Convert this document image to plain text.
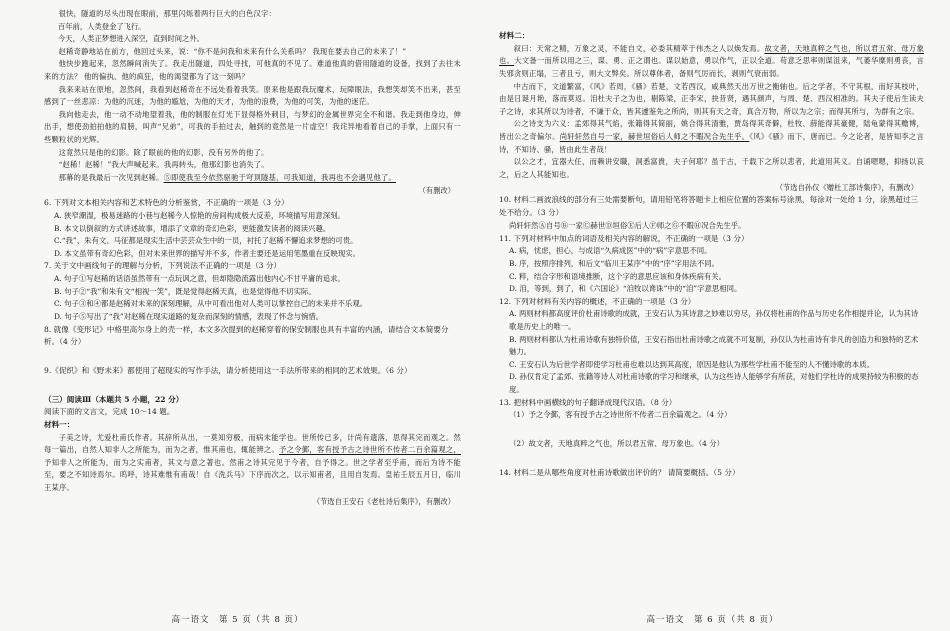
很快，隧道的尽头出现在眼前，那里闪烁着两行巨大的白色汉字：

百年前，人类登金了飞行。

今天，人类正梦想进入深空，直到时间之外。

赵稀奇静地站在前方，他回过头来，说：“你不是问我和未来有什么关系吗？ 我现在要去自己的未来了！”

他快步跑起来，忽然瞬间消失了。我走出隧道，四处寻找，可他真的不见了。难道他真的借用隧道的设备，找到了去往未来的方法？ 他的偏执、他的疯狂，他的渴望都为了这一刻吗？

我来来站在原地，忽然间，我看到赵稀奇在不远处看着我笑。原来他是跟我玩魔术，玩障眼法，我想笑却笑不出来，甚至感到了一丝悲凉：为他的沉迷，为他的尴尬，为他的天才，为他的浪费，为他的可笑，为他的迷茫。

我向他走去，他一动不动地望着我，他的制服在灯光下显得格外刺目，与梦幻的金属世界完全不和谐。我走到他身边，伸出手，想使劲拍拍他的肩膀，叫声“兄弟”，可我的手拍过去，触到的竟然是一片虚空！我诧异地看着自己的手掌，上面只有一些颗粒状的光辉。

这竟然只是他的幻影。除了眼前的他的幻影，没有另外的他了。

“赵稀！赵稀！”我大声喊起来。我再转头，他那幻影也消失了。

那幕的是我最后一次见到赵稀。⑤即使我至今依然驱驰于穹顶隧基，可我知道，我再也不会遇见他了。

（有删改）

6. 下列对文本相关内容和艺术特色的分析鉴赏，不正确的一项是（3 分）

A. 狭窄潮湿，极易迷路的小巷与赵稀今人惊艳的房间构成极大反差，环境描写用意深刻。

B. 本文以倒叙的方式讲述故事，增添了文章的奇幻色彩，更能激发读者的阅读兴趣。

C.“我”、朱有文、马征都是现实生活中芸芸众生中的一员，衬托了赵稀不懈追求梦想的可贵。

D. 本文虽带有奇幻色彩，但对未来世界的描写并不多，作者主要还是运用笔墨重在反映现实。

7. 关于文中画线句子的理解与分析，下列说法不正确的一项是（3 分）

A. 句子①写赵稀的话语虽然带有一点玩讽之意，但却隐隐流露出他内心不甘平庸的追求。

B. 句子②“我”和朱有文“相视一笑”，既是觉得赵稀天真，也是觉得他不切实际。

C. 句子③和④都是赵稀对未来的深刻理解，从中可看出他对人类可以掌控自己的未来并不乐观。

D. 句子⑤写出了“我”对赵稀在现实道路的复杂而深刻的情感，表现了怀念与惋惜。

8. 就像《变形记》中格里高尔身上的壳一样，本文多次提到的赵稀穿着的保安制服也具有丰富的内涵，请结合文本简要分析。（4 分）

9.《促织》和《野未来》都使用了超现实的写作手法，请分析使用这一手法所带来的相同的艺术效果。（6 分）

（三）阅读Ⅲ（本题共 5 小题，22 分）

阅读下面的文言文，完成 10～14 题。

材料一：

子美之诗，尤爱杜甫氏作者。其辞所从出，一莫知穷极，而病未能学也。世所传已多，计尚有遗落，思得其完而观之。然每一篇出，自然人知非人之所能为，而为之者，惟其甫也，辄能辨之。予之令鄞，客有授予古之诗世所不传者二百余篇观之，予知非人之所能为，而为之实甫者，其文与意之著也。然甫之诗其完见于今者，自予得之。世之学者至乎甫，而后为诗不能至，要之不知诗焉尔。呜呼，诗其难惟有甫哉！自《洗兵马》下序而次之，以示知甫者，且用自发焉。皇祐壬辰五月日，临川王某序。

（节选自王安石《老杜诗后集序》，有删改）

高一语文　第 5 页（共 8 页）

材料二：

叙曰：天常之精，万象之灵，不能自文，必委其精萃于伟杰之人以焕发焉。故文者，天地真粹之气也，所以君五常、母万象也。大文备一而所以用之三，谋、勇、正之谓也。谋以始意，勇以作气，正以全道。苟意乏思率则谋沮来，气萎华糜则勇丧，言失邪贪则正塌，三者且亏，则大文弊矣。所以尊体者，备则气厉而长，剥则气衰而弱。

中古而下，文道繁富，《风》若周，《骚》若楚，文若西汉，咸典然天出万世之衡轴也。后之学者，不守其根，而好其枝叶，由是日诞月艳，落而莫返。洎杜夫子之为也，剔陈梁，正李宋，抉昔贤，遇其颜声，与周、楚、西汉相准的。其夫子使后生读夫子之诗，求其所以为诗者，不谦于众，皆其遽鉴先之所尚，则其有天之奇，真合万物，所以为之宗；而得其所与，为群有之宗。

公之诗支为六义：孟郊得其气焰，张籍得其简丽，姚合得其清雅，贾岛得其奇僻，杜牧、薛能得其豪健，陆龟蒙得其赡博，皆出公之奇偏尔。尚轩轩然自号一家，赫世垣俗后人师之不暇况合先生乎。《风》《骚》而下，唐而已。今之论者，是皆知李之言诗，不知诗、骚，皆由此生者哉！

以公之才，宜器大任，而赖讲安職，洞悉富貴，夫子何耶？虽于古，千载下之所以悲者，此道用其义。自诵嗯嗯，抑扬以哀之，后之人其能知也。

（节选自孙仅《赠杜工部诗集序》，有删改）

10. 材料二画波浪线的部分有三处需要断句，请用铅笔将答题卡上相应位置的答案标号涂黑，每涂对一处给 1 分，涂黑超过三处不给分。（3 分）

尚轩轩然Ⓐ自号Ⓑ一家Ⓒ赫世Ⓓ垣俗Ⓔ后人Ⓕ师之Ⓖ不暇Ⓗ况合先生乎。

11. 下列对材料中加点的词语及相关内容的解说，不正确的一项是（3 分）

A. 病，忧虑，担心，与成语“久病成医”中的“病”字意思不同。

B. 序，按照序排列，和后文“临川王某序”中的“序”字用法不同。

C. 粹，结合字形和语境推断，这个字的意思应该和身体疾病有关。

D. 洎，等到，到了，和《六国论》“洎牧以谗诛”中的“洎”字意思相同。

12. 下列对材料有关内容的概述，不正确的一项是（3 分）

A. 两则材料都高度评价杜甫诗歌的成就，王安石认为其诗意之妙难以穷尽，孙仅将杜甫的作品与历史名作相提并论，认为其诗歌是历史上的唯一。

B. 两则材料都认为杜甫诗歌有独特价值，王安石指出杜甫诗歌之成就不可复制，孙仅认为杜甫诗有非凡的创造力和独特的艺术魅力。

C. 王安石认为后世学者即使学习杜甫也难以达到其高度，原因是他认为那些学杜甫不能至的人不懂诗歌的本质。

D. 孙仅肯定了孟郊、张籍等诗人对杜甫诗歌的学习和继承，认为这些诗人能够学有所获，对他们学杜诗的成果持较为积极的态度。

13. 把材料中画横线的句子翻译成现代汉语。（8 分）

（1）予之令鄞，客有授予古之诗世所不传者二百余篇观之。（4 分）

（2）故文者，天地真粹之气也，所以君五常、母万象也。（4 分）

14. 材料二是从哪些角度对杜甫诗歌做出评价的？ 请简要概括。（5 分）

高一语文　第 6 页（共 8 页）
